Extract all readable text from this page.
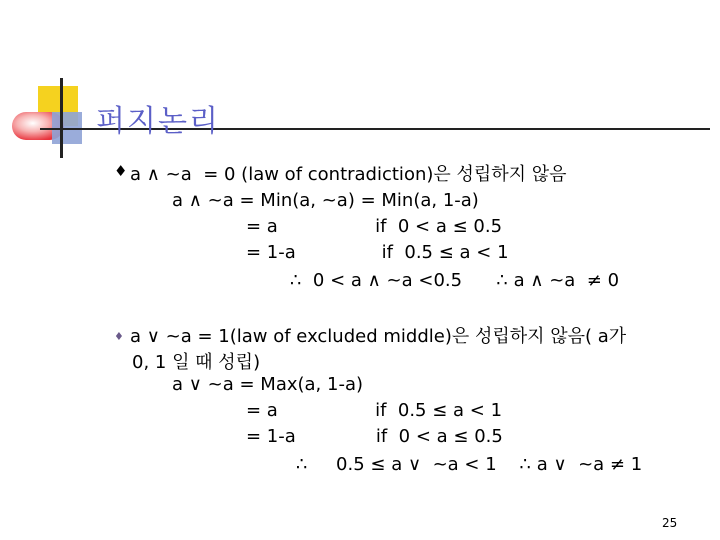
퍼지논리
♦ a ∧ ~a  = 0 (law of contradiction)은 성립하지 않음
a ∧ ~a = Min(a, ~a) = Min(a, 1-a)
= a                 if  0 < a ≤ 0.5
= 1-a               if  0.5 ≤ a < 1
∴  0 < a ∧ ~a <0.5      ∴ a ∧ ~a  ≠ 0
♦ a ∨ ~a = 1(law of excluded middle)은 성립하지 않음( a가
0, 1 일 때 성립)
a ∨ ~a = Max(a, 1-a)
= a                 if  0.5 ≤ a < 1
= 1-a              if  0 < a ≤ 0.5
∴     0.5 ≤ a ∨  ~a < 1    ∴ a ∨  ~a ≠ 1
25
